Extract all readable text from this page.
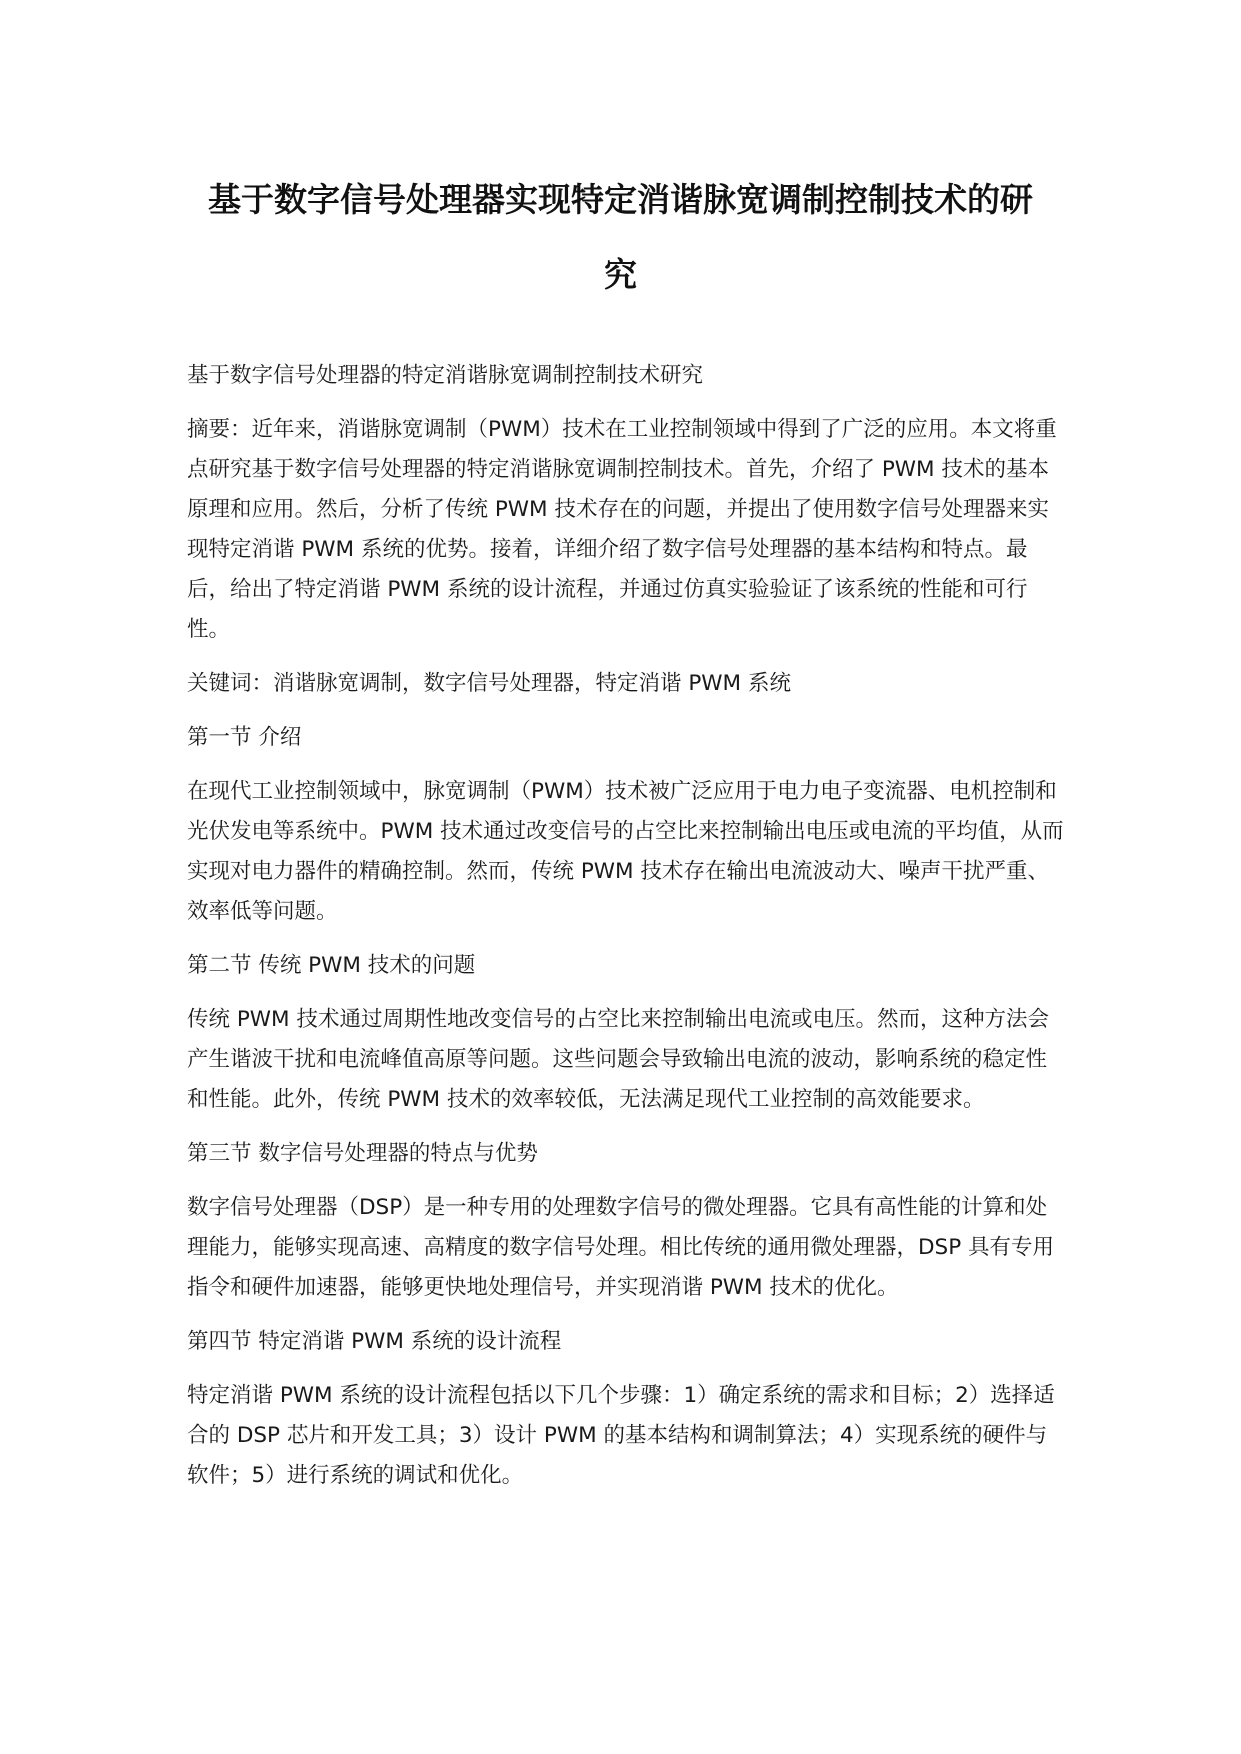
基于数字信号处理器实现特定消谐脉宽调制控制技术的研
究

基于数字信号处理器的特定消谐脉宽调制控制技术研究

摘要：近年来，消谐脉宽调制（PWM）技术在工业控制领域中得到了广泛的应用。本文将重点研究基于数字信号处理器的特定消谐脉宽调制控制技术。首先，介绍了 PWM 技术的基本原理和应用。然后，分析了传统 PWM 技术存在的问题，并提出了使用数字信号处理器来实现特定消谐 PWM 系统的优势。接着，详细介绍了数字信号处理器的基本结构和特点。最后，给出了特定消谐 PWM 系统的设计流程，并通过仿真实验验证了该系统的性能和可行性。

关键词：消谐脉宽调制，数字信号处理器，特定消谐 PWM 系统

第一节 介绍

在现代工业控制领域中，脉宽调制（PWM）技术被广泛应用于电力电子变流器、电机控制和光伏发电等系统中。PWM 技术通过改变信号的占空比来控制输出电压或电流的平均值，从而实现对电力器件的精确控制。然而，传统 PWM 技术存在输出电流波动大、噪声干扰严重、效率低等问题。

第二节 传统 PWM 技术的问题

传统 PWM 技术通过周期性地改变信号的占空比来控制输出电流或电压。然而，这种方法会产生谐波干扰和电流峰值高原等问题。这些问题会导致输出电流的波动，影响系统的稳定性和性能。此外，传统 PWM 技术的效率较低，无法满足现代工业控制的高效能要求。

第三节 数字信号处理器的特点与优势

数字信号处理器（DSP）是一种专用的处理数字信号的微处理器。它具有高性能的计算和处理能力，能够实现高速、高精度的数字信号处理。相比传统的通用微处理器，DSP 具有专用指令和硬件加速器，能够更快地处理信号，并实现消谐 PWM 技术的优化。

第四节 特定消谐 PWM 系统的设计流程

特定消谐 PWM 系统的设计流程包括以下几个步骤：1）确定系统的需求和目标；2）选择适合的 DSP 芯片和开发工具；3）设计 PWM 的基本结构和调制算法；4）实现系统的硬件与软件；5）进行系统的调试和优化。
